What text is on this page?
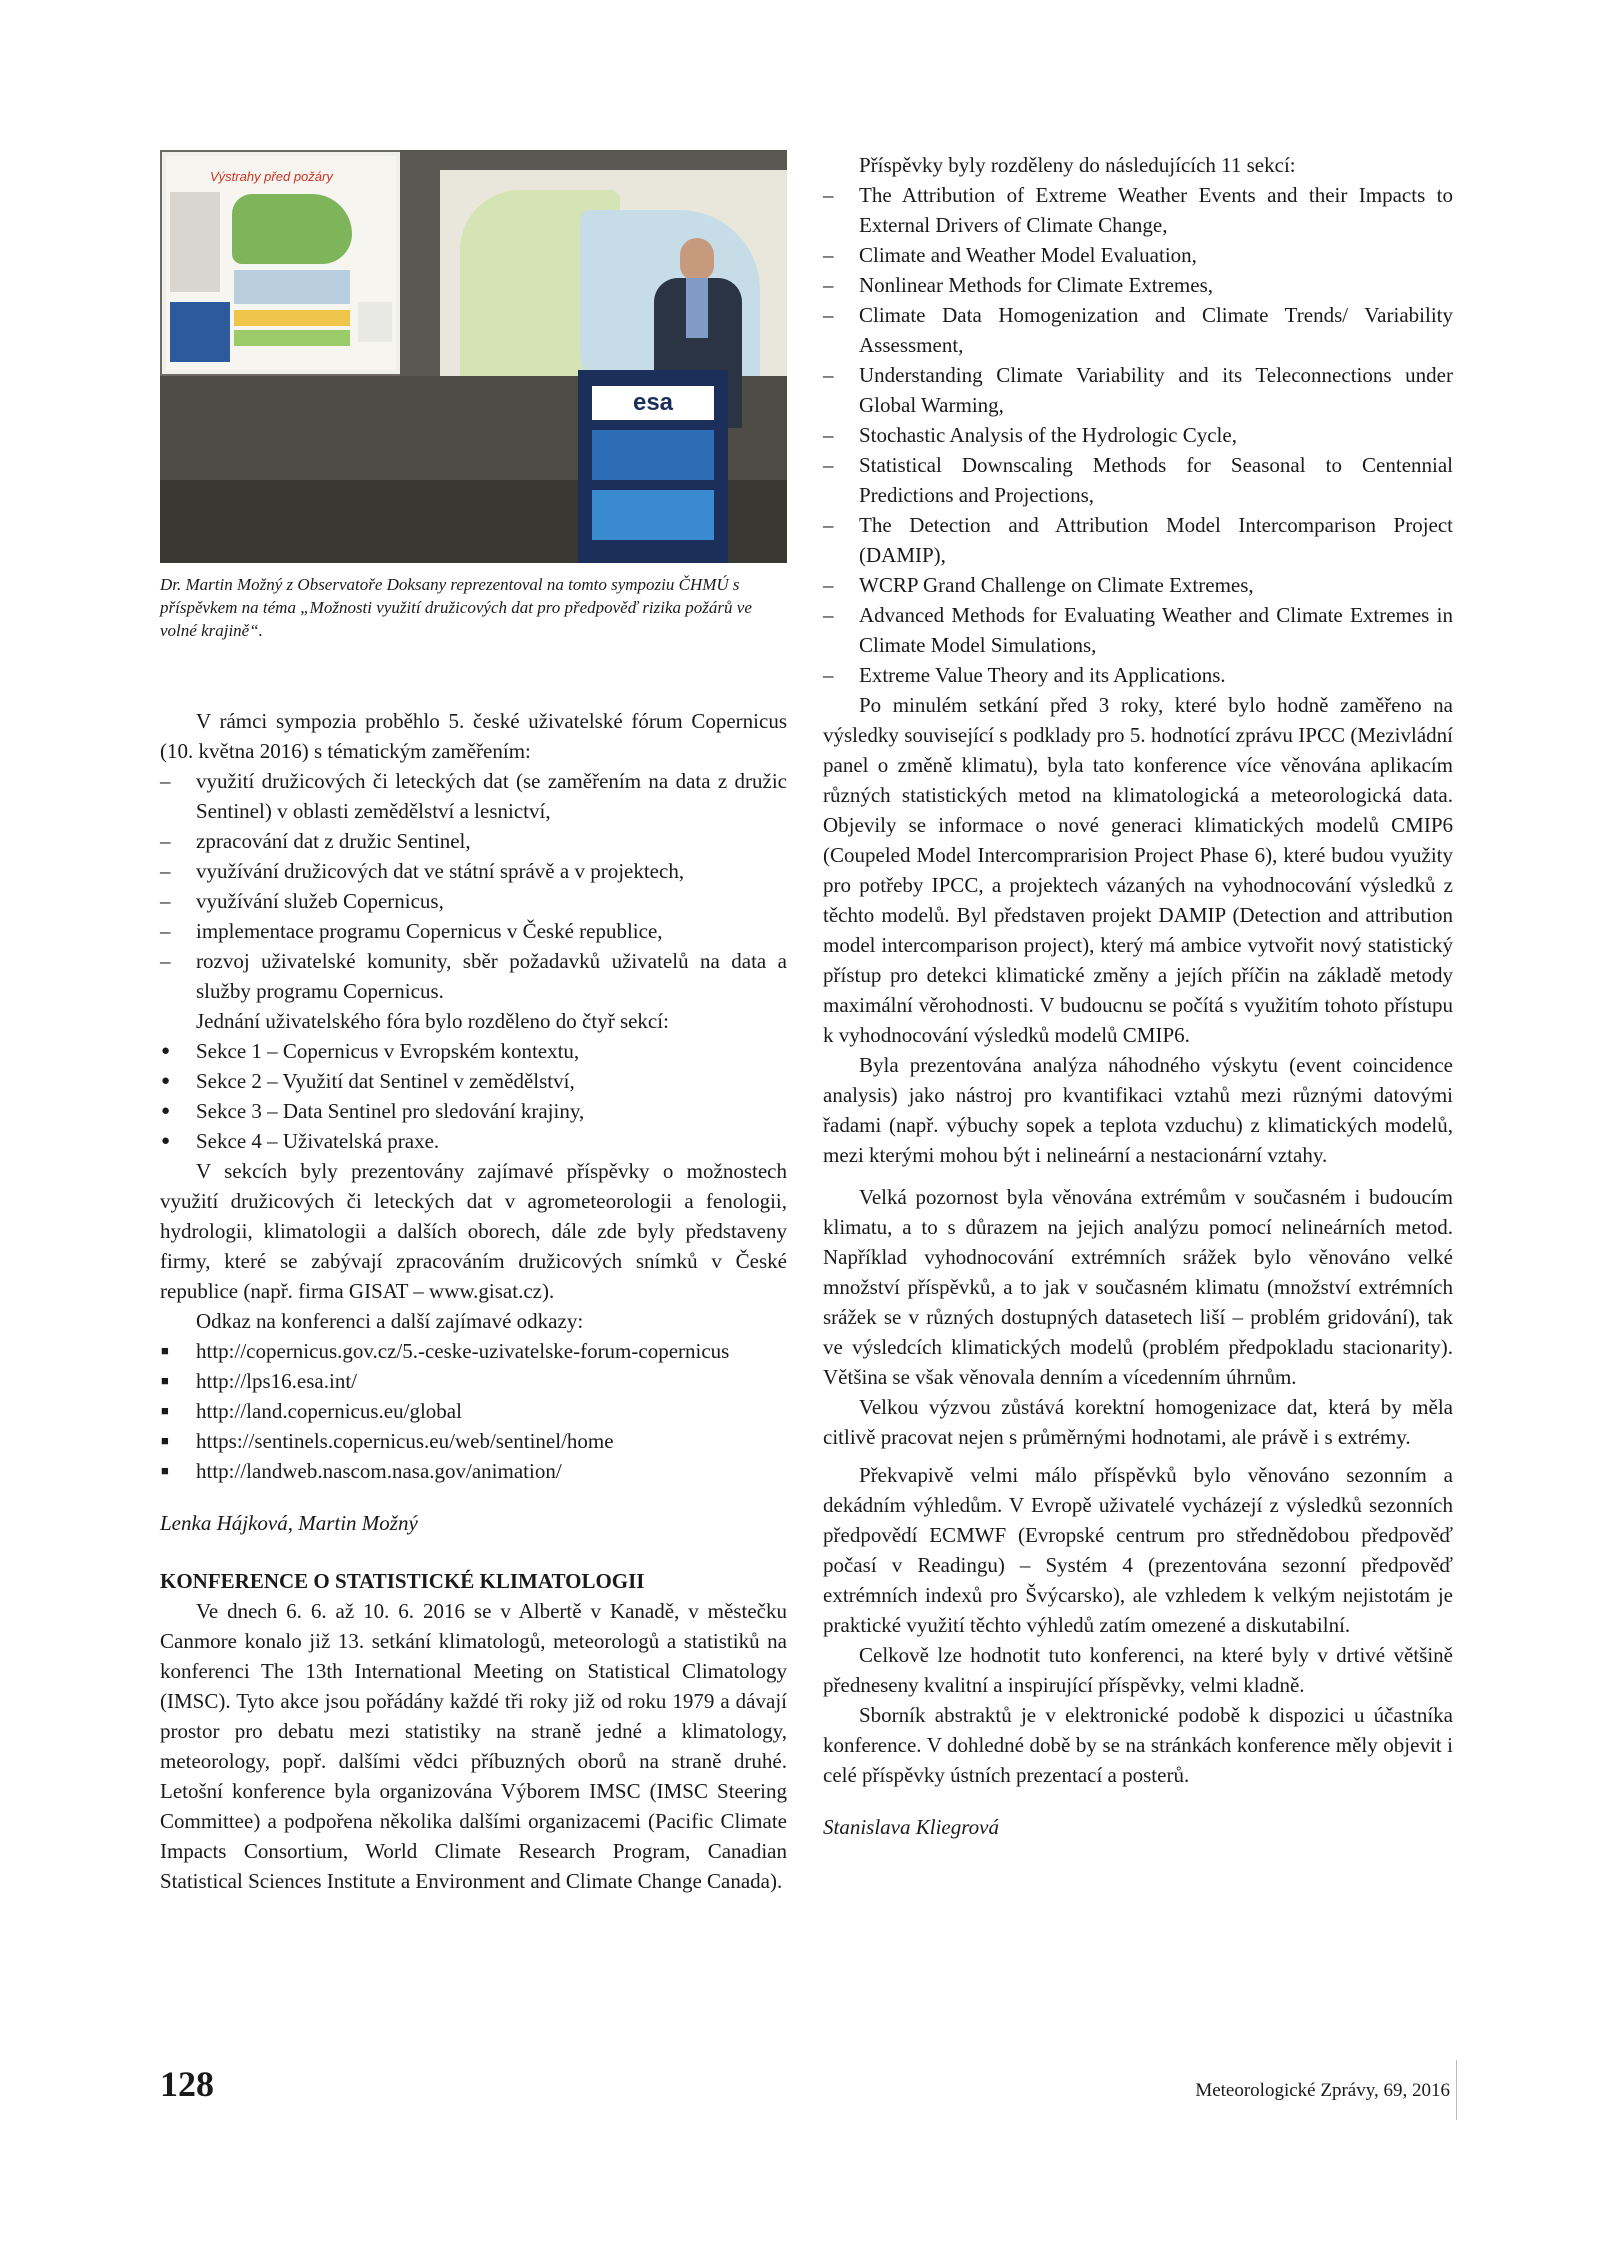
Výstrahy před požáry
esa
Dr. Martin Možný z Observatoře Doksany reprezentoval na tomto sympoziu ČHMÚ s příspěvkem na téma „Možnosti využití družicových dat pro předpověď rizika požárů ve volné krajině“.

V rámci sympozia proběhlo 5. české uživatelské fórum Copernicus (10. května 2016) s tématickým zaměřením:

– využití družicových či leteckých dat (se zaměřením na data z družic Sentinel) v oblasti zemědělství a lesnictví,
– zpracování dat z družic Sentinel,
– využívání družicových dat ve státní správě a v projektech,
– využívání služeb Copernicus,
– implementace programu Copernicus v České republice,
– rozvoj uživatelské komunity, sběr požadavků uživatelů na data a služby programu Copernicus.

Jednání uživatelského fóra bylo rozděleno do čtyř sekcí:

● Sekce 1 – Copernicus v Evropském kontextu,
● Sekce 2 – Využití dat Sentinel v zemědělství,
● Sekce 3 – Data Sentinel pro sledování krajiny,
● Sekce 4 – Uživatelská praxe.

V sekcích byly prezentovány zajímavé příspěvky o možnostech využití družicových či leteckých dat v agrometeorologii a fenologii, hydrologii, klimatologii a dalších oborech, dále zde byly představeny firmy, které se zabývají zpracováním družicových snímků v České republice (např. firma GISAT – www.gisat.cz).

Odkaz na konferenci a další zajímavé odkazy:

■ http://copernicus.gov.cz/5.-ceske-uzivatelske-forum-copernicus
■ http://lps16.esa.int/
■ http://land.copernicus.eu/global
■ https://sentinels.copernicus.eu/web/sentinel/home
■ http://landweb.nascom.nasa.gov/animation/

Lenka Hájková, Martin Možný

KONFERENCE O STATISTICKÉ KLIMATOLOGII

Ve dnech 6. 6. až 10. 6. 2016 se v Albertě v Kanadě, v městečku Canmore konalo již 13. setkání klimatologů, meteorologů a statistiků na konferenci The 13th International Meeting on Statistical Climatology (IMSC). Tyto akce jsou pořádány každé tři roky již od roku 1979 a dávají prostor pro debatu mezi statistiky na straně jedné a klimatology, meteorology, popř. dalšími vědci příbuzných oborů na straně druhé. Letošní konference byla organizována Výborem IMSC (IMSC Steering Committee) a podpořena několika dalšími organizacemi (Pacific Climate Impacts Consortium, World Climate Research Program, Canadian Statistical Sciences Institute a Environment and Climate Change Canada).

Příspěvky byly rozděleny do následujících 11 sekcí:

– The Attribution of Extreme Weather Events and their Impacts to External Drivers of Climate Change,
– Climate and Weather Model Evaluation,
– Nonlinear Methods for Climate Extremes,
– Climate Data Homogenization and Climate Trends/ Variability Assessment,
– Understanding Climate Variability and its Teleconnections under Global Warming,
– Stochastic Analysis of the Hydrologic Cycle,
– Statistical Downscaling Methods for Seasonal to Centennial Predictions and Projections,
– The Detection and Attribution Model Intercomparison Project (DAMIP),
– WCRP Grand Challenge on Climate Extremes,
– Advanced Methods for Evaluating Weather and Climate Extremes in Climate Model Simulations,
– Extreme Value Theory and its Applications.

Po minulém setkání před 3 roky, které bylo hodně zaměřeno na výsledky související s podklady pro 5. hodnotící zprávu IPCC (Mezivládní panel o změně klimatu), byla tato konference více věnována aplikacím různých statistických metod na klimatologická a meteorologická data. Objevily se informace o nové generaci klimatických modelů CMIP6 (Coupeled Model Intercomprarision Project Phase 6), které budou využity pro potřeby IPCC, a projektech vázaných na vyhodnocování výsledků z těchto modelů. Byl představen projekt DAMIP (Detection and attribution model intercomparison project), který má ambice vytvořit nový statistický přístup pro detekci klimatické změny a jejích příčin na základě metody maximální věrohodnosti. V budoucnu se počítá s využitím tohoto přístupu k vyhodnocování výsledků modelů CMIP6.

Byla prezentována analýza náhodného výskytu (event coincidence analysis) jako nástroj pro kvantifikaci vztahů mezi různými datovými řadami (např. výbuchy sopek a teplota vzduchu) z klimatických modelů, mezi kterými mohou být i nelineární a nestacionární vztahy.

Velká pozornost byla věnována extrémům v současném i budoucím klimatu, a to s důrazem na jejich analýzu pomocí nelineárních metod. Například vyhodnocování extrémních srážek bylo věnováno velké množství příspěvků, a to jak v současném klimatu (množství extrémních srážek se v různých dostupných datasetech liší – problém gridování), tak ve výsledcích klimatických modelů (problém předpokladu stacionarity). Většina se však věnovala denním a vícedenním úhrnům.

Velkou výzvou zůstává korektní homogenizace dat, která by měla citlivě pracovat nejen s průměrnými hodnotami, ale právě i s extrémy.

Překvapivě velmi málo příspěvků bylo věnováno sezonním a dekádním výhledům. V Evropě uživatelé vycházejí z výsledků sezonních předpovědí ECMWF (Evropské centrum pro střednědobou předpověď počasí v Readingu) – Systém 4 (prezentována sezonní předpověď extrémních indexů pro Švýcarsko), ale vzhledem k velkým nejistotám je praktické využití těchto výhledů zatím omezené a diskutabilní.

Celkově lze hodnotit tuto konferenci, na které byly v drtivé většině předneseny kvalitní a inspirující příspěvky, velmi kladně.

Sborník abstraktů je v elektronické podobě k dispozici u účastníka konference. V dohledné době by se na stránkách konference měly objevit i celé příspěvky ústních prezentací a posterů.

Stanislava Kliegrová

128	Meteorologické Zprávy, 69, 2016
